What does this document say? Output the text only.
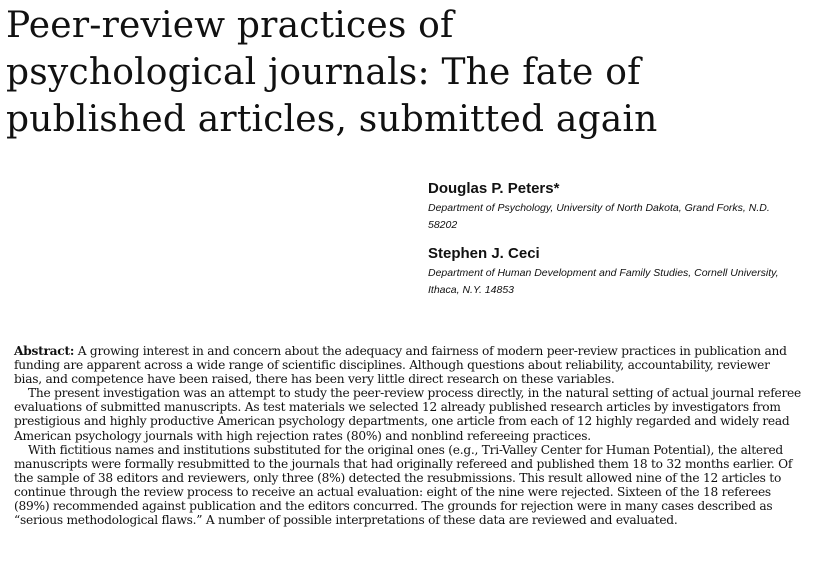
Peer-review practices of
psychological journals: The fate of
published articles, submitted again
Douglas P. Peters*
Department of Psychology, University of North Dakota, Grand Forks, N.D.
58202
Stephen J. Ceci
Department of Human Development and Family Studies, Cornell University,
Ithaca, N.Y. 14853
Abstract: A growing interest in and concern about the adequacy and fairness of modern peer-review practices in publication and
funding are apparent across a wide range of scientific disciplines. Although questions about reliability, accountability, reviewer
bias, and competence have been raised, there has been very little direct research on these variables.
The present investigation was an attempt to study the peer-review process directly, in the natural setting of actual journal referee
evaluations of submitted manuscripts. As test materials we selected 12 already published research articles by investigators from
prestigious and highly productive American psychology departments, one article from each of 12 highly regarded and widely read
American psychology journals with high rejection rates (80%) and nonblind refereeing practices.
With fictitious names and institutions substituted for the original ones (e.g., Tri-Valley Center for Human Potential), the altered
manuscripts were formally resubmitted to the journals that had originally refereed and published them 18 to 32 months earlier. Of
the sample of 38 editors and reviewers, only three (8%) detected the resubmissions. This result allowed nine of the 12 articles to
continue through the review process to receive an actual evaluation: eight of the nine were rejected. Sixteen of the 18 referees
(89%) recommended against publication and the editors concurred. The grounds for rejection were in many cases described as
“serious methodological flaws.” A number of possible interpretations of these data are reviewed and evaluated.
